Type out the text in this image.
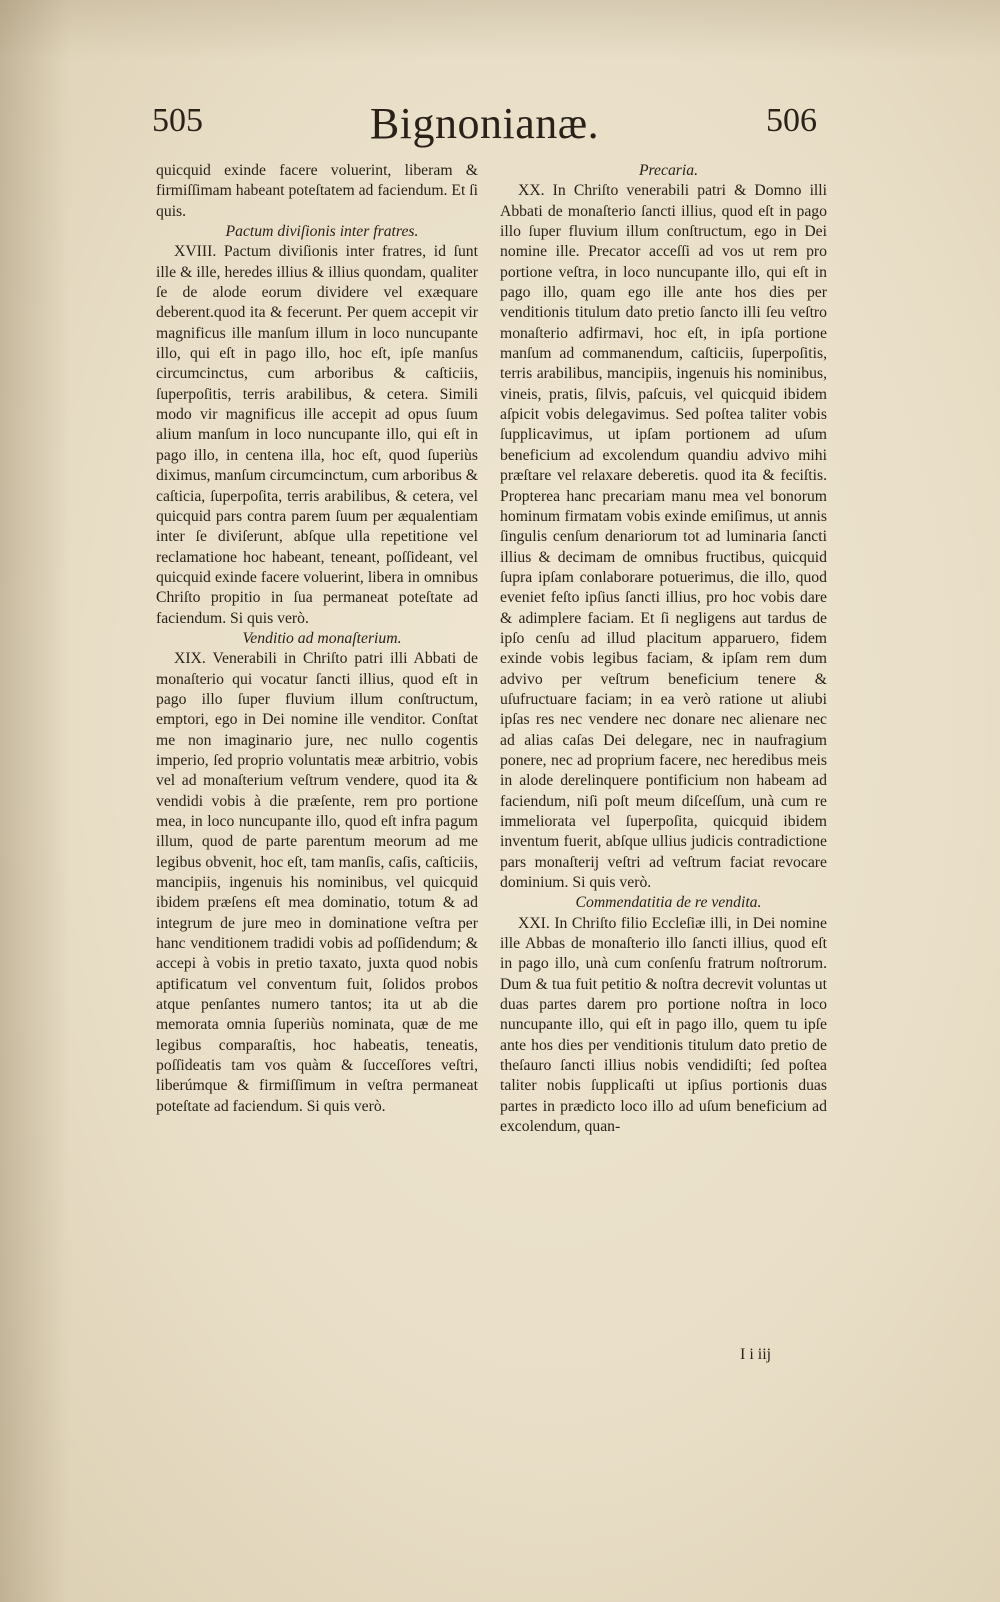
505	Bignonianæ.	506

quicquid exinde facere voluerint, liberam & firmiſſimam habeant poteſtatem ad faciendum. Et ſi quis.

Pactum diviſionis inter fratres.

XVIII. Pactum diviſionis inter fratres, id ſunt ille & ille, heredes illius & illius quondam, qualiter ſe de alode eorum dividere vel exæquare deberent.quod ita & fecerunt. Per quem accepit vir magnificus ille manſum illum in loco nuncupante illo, qui eſt in pago illo, hoc eſt, ipſe manſus circumcinctus, cum arboribus & caſticiis, ſuperpoſitis, terris arabilibus, & cetera. Simili modo vir magnificus ille accepit ad opus ſuum alium manſum in loco nuncupante illo, qui eſt in pago illo, in centena illa, hoc eſt, quod ſuperiùs diximus, manſum circumcinctum, cum arboribus & caſticia, ſuperpoſita, terris arabilibus, & cetera, vel quicquid pars contra parem ſuum per æqualentiam inter ſe diviſerunt, abſque ulla repetitione vel reclamatione hoc habeant, teneant, poſſideant, vel quicquid exinde facere voluerint, libera in omnibus Chriſto propitio in ſua permaneat poteſtate ad faciendum. Si quis verò.

Venditio ad monaſterium.

XIX. Venerabili in Chriſto patri illi Abbati de monaſterio qui vocatur ſancti illius, quod eſt in pago illo ſuper fluvium illum conſtructum, emptori, ego in Dei nomine ille venditor. Conſtat me non imaginario jure, nec nullo cogentis imperio, ſed proprio voluntatis meæ arbitrio, vobis vel ad monaſterium veſtrum vendere, quod ita & vendidi vobis à die præſente, rem pro portione mea, in loco nuncupante illo, quod eſt infra pagum illum, quod de parte parentum meorum ad me legibus obvenit, hoc eſt, tam manſis, caſis, caſticiis, mancipiis, ingenuis his nominibus, vel quicquid ibidem præſens eſt mea dominatio, totum & ad integrum de jure meo in dominatione veſtra per hanc venditionem tradidi vobis ad poſſidendum; & accepi à vobis in pretio taxato, juxta quod nobis aptificatum vel conventum fuit, ſolidos probos atque penſantes numero tantos; ita ut ab die memorata omnia ſuperiùs nominata, quæ de me legibus comparaſtis, hoc habeatis, teneatis, poſſideatis tam vos quàm & ſucceſſores veſtri, liberúmque & firmiſſimum in veſtra permaneat poteſtate ad faciendum. Si quis verò.

Precaria.

XX. In Chriſto venerabili patri & Domno illi Abbati de monaſterio ſancti illius, quod eſt in pago illo ſuper fluvium illum conſtructum, ego in Dei nomine ille. Precator acceſſi ad vos ut rem pro portione veſtra, in loco nuncupante illo, qui eſt in pago illo, quam ego ille ante hos dies per venditionis titulum dato pretio ſancto illi ſeu veſtro monaſterio adfirmavi, hoc eſt, in ipſa portione manſum ad commanendum, caſticiis, ſuperpoſitis, terris arabilibus, mancipiis, ingenuis his nominibus, vineis, pratis, ſilvis, paſcuis, vel quicquid ibidem aſpicit vobis delegavimus. Sed poſtea taliter vobis ſupplicavimus, ut ipſam portionem ad uſum beneficium ad excolendum quandiu advivo mihi præſtare vel relaxare deberetis. quod ita & feciſtis. Propterea hanc precariam manu mea vel bonorum hominum firmatam vobis exinde emiſimus, ut annis ſingulis cenſum denariorum tot ad luminaria ſancti illius & decimam de omnibus fructibus, quicquid ſupra ipſam conlaborare potuerimus, die illo, quod eveniet feſto ipſius ſancti illius, pro hoc vobis dare & adimplere faciam. Et ſi negligens aut tardus de ipſo cenſu ad illud placitum apparuero, fidem exinde vobis legibus faciam, & ipſam rem dum advivo per veſtrum beneficium tenere & uſufructuare faciam; in ea verò ratione ut aliubi ipſas res nec vendere nec donare nec alienare nec ad alias caſas Dei delegare, nec in naufragium ponere, nec ad proprium facere, nec heredibus meis in alode derelinquere pontificium non habeam ad faciendum, niſi poſt meum diſceſſum, unà cum re immeliorata vel ſuperpoſita, quicquid ibidem inventum fuerit, abſque ullius judicis contradictione pars monaſterij veſtri ad veſtrum faciat revocare dominium. Si quis verò.

Commendatitia de re vendita.

XXI. In Chriſto filio Eccleſiæ illi, in Dei nomine ille Abbas de monaſterio illo ſancti illius, quod eſt in pago illo, unà cum conſenſu fratrum noſtrorum. Dum & tua fuit petitio & noſtra decrevit voluntas ut duas partes darem pro portione noſtra in loco nuncupante illo, qui eſt in pago illo, quem tu ipſe ante hos dies per venditionis titulum dato pretio de theſauro ſancti illius nobis vendidiſti; ſed poſtea taliter nobis ſupplicaſti ut ipſius portionis duas partes in prædicto loco illo ad uſum beneficium ad excolendum, quan-

I i iij
